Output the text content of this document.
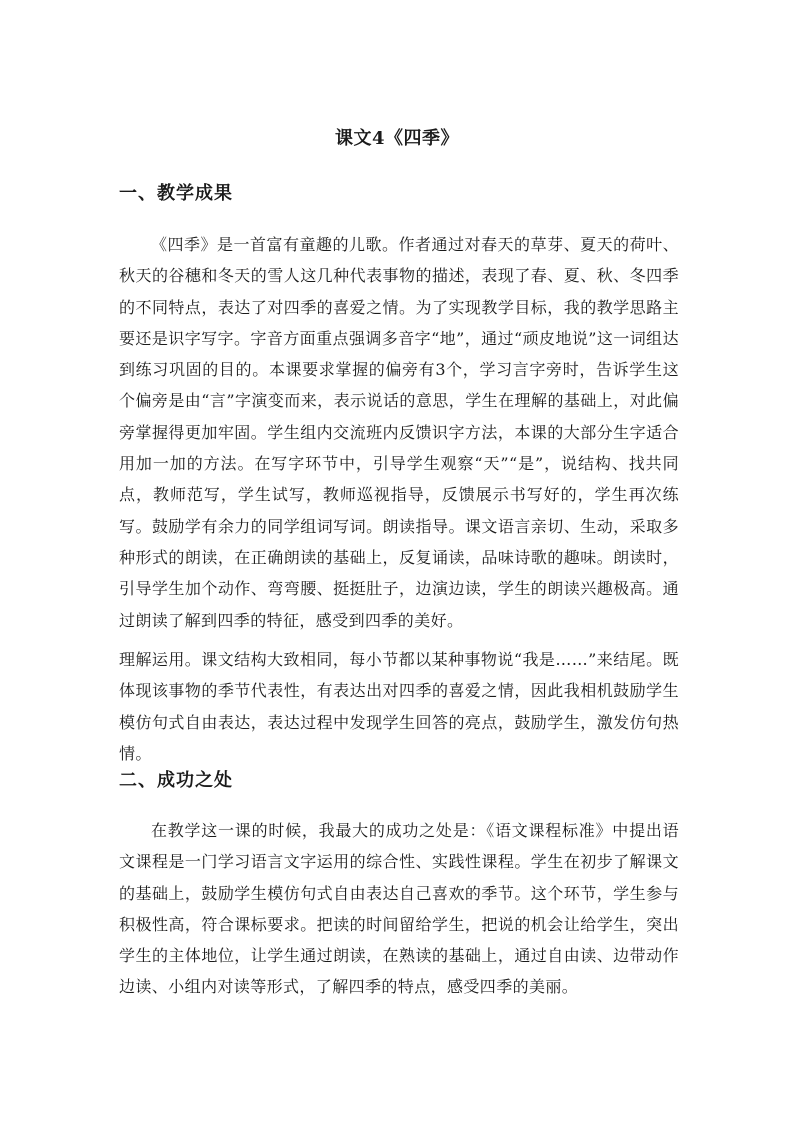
课文4《四季》
一、教学成果

《四季》是一首富有童趣的儿歌。作者通过对春天的草芽、夏天的荷叶、秋天的谷穗和冬天的雪人这几种代表事物的描述，表现了春、夏、秋、冬四季的不同特点，表达了对四季的喜爱之情。为了实现教学目标，我的教学思路主要还是识字写字。字音方面重点强调多音字“地”，通过“顽皮地说”这一词组达到练习巩固的目的。本课要求掌握的偏旁有3个，学习言字旁时，告诉学生这个偏旁是由“言”字演变而来，表示说话的意思，学生在理解的基础上，对此偏旁掌握得更加牢固。学生组内交流班内反馈识字方法，本课的大部分生字适合用加一加的方法。在写字环节中，引导学生观察“天”“是”，说结构、找共同点，教师范写，学生试写，教师巡视指导，反馈展示书写好的，学生再次练写。鼓励学有余力的同学组词写词。朗读指导。课文语言亲切、生动，采取多种形式的朗读，在正确朗读的基础上，反复诵读，品味诗歌的趣味。朗读时，引导学生加个动作、弯弯腰、挺挺肚子，边演边读，学生的朗读兴趣极高。通过朗读了解到四季的特征，感受到四季的美好。

理解运用。课文结构大致相同，每小节都以某种事物说“我是……”来结尾。既体现该事物的季节代表性，有表达出对四季的喜爱之情，因此我相机鼓励学生模仿句式自由表达，表达过程中发现学生回答的亮点，鼓励学生，激发仿句热情。

二、成功之处

在教学这一课的时候，我最大的成功之处是：《语文课程标准》中提出语文课程是一门学习语言文字运用的综合性、实践性课程。学生在初步了解课文的基础上，鼓励学生模仿句式自由表达自己喜欢的季节。这个环节，学生参与积极性高，符合课标要求。把读的时间留给学生，把说的机会让给学生，突出学生的主体地位，让学生通过朗读，在熟读的基础上，通过自由读、边带动作边读、小组内对读等形式，了解四季的特点，感受四季的美丽。
